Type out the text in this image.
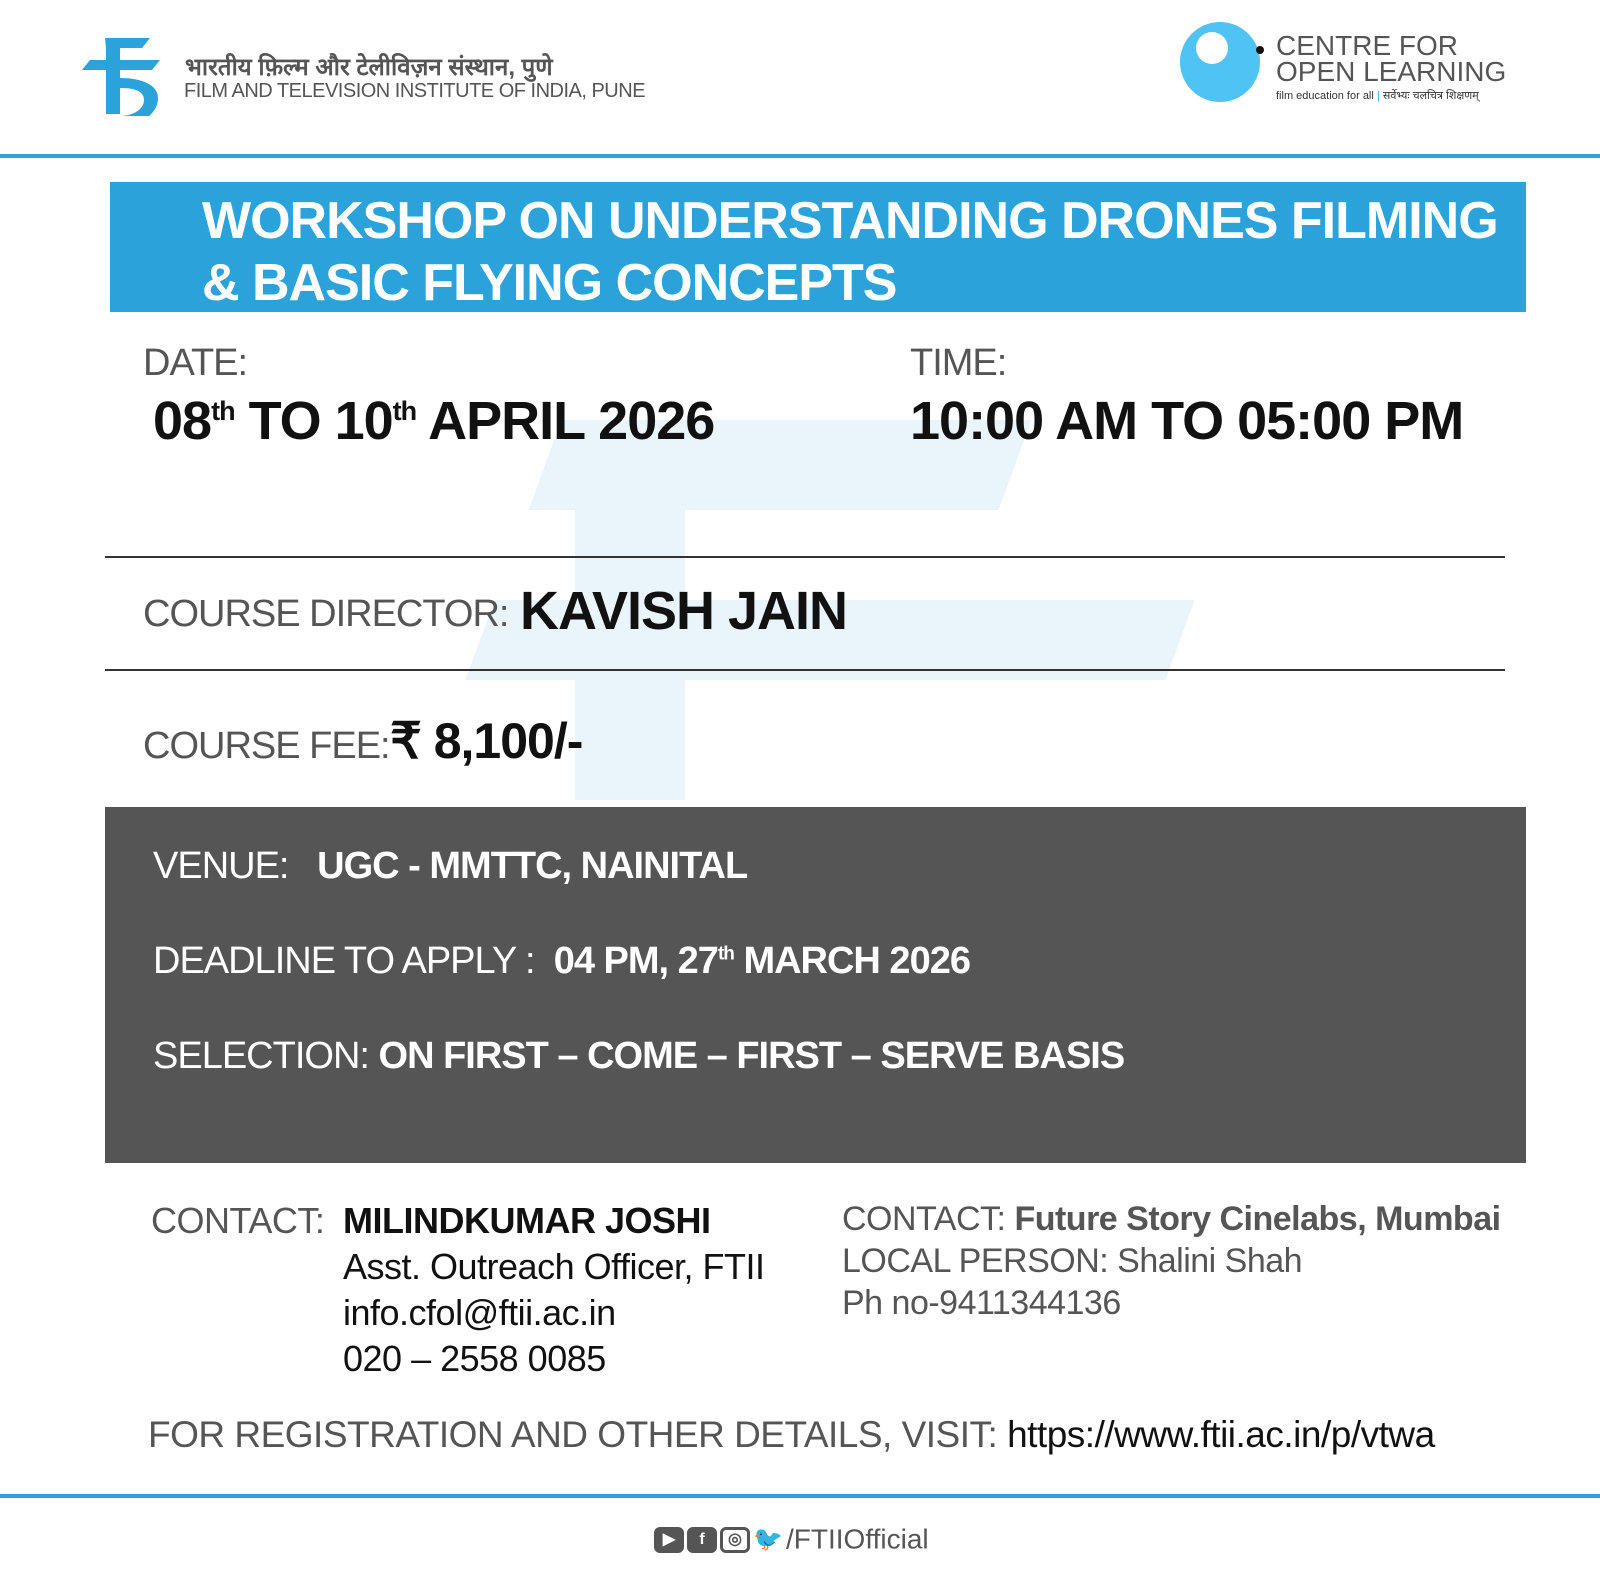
भारतीय फ़िल्म और टेलीविज़न संस्थान, पुणे
FILM AND TELEVISION INSTITUTE OF INDIA, PUNE
CENTRE FOR
OPEN LEARNING
film education for all | सर्वेभ्यः चलचित्र शिक्षणम्
WORKSHOP ON UNDERSTANDING DRONES FILMING
& BASIC FLYING CONCEPTS
DATE:
08th TO 10th APRIL 2026
TIME:
10:00 AM TO 05:00 PM
COURSE DIRECTOR: KAVISH JAIN
COURSE FEE: ₹ 8,100/-
VENUE: UGC - MMTTC, NAINITAL
DEADLINE TO APPLY : 04 PM, 27th MARCH 2026
SELECTION: ON FIRST – COME – FIRST – SERVE BASIS
CONTACT: MILINDKUMAR JOSHI
Asst. Outreach Officer, FTII
info.cfol@ftii.ac.in
020 – 2558 0085
CONTACT: Future Story Cinelabs, Mumbai
LOCAL PERSON: Shalini Shah
Ph no-9411344136
FOR REGISTRATION AND OTHER DETAILS, VISIT: https://www.ftii.ac.in/p/vtwa
▶ f ◎ 🐦 /FTIIOfficial
